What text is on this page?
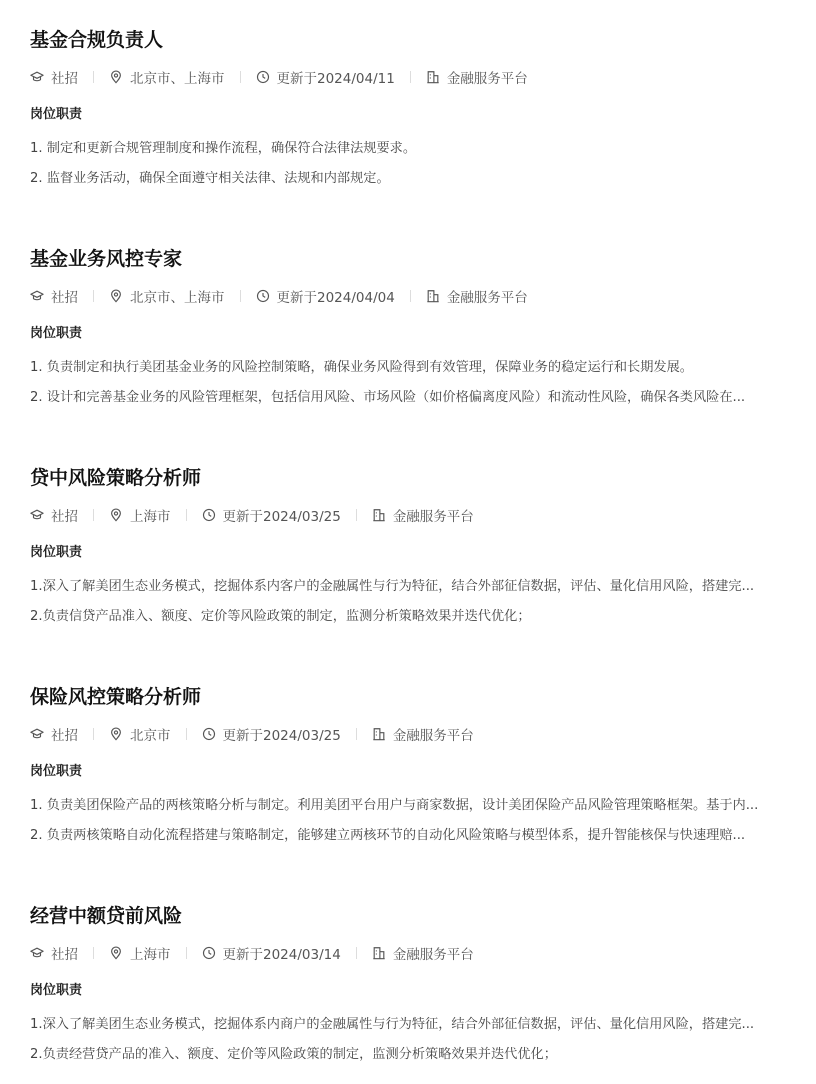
基金合规负责人
社招	北京市、上海市	更新于2024/04/11	金融服务平台
岗位职责
1. 制定和更新合规管理制度和操作流程，确保符合法律法规要求。
2. 监督业务活动，确保全面遵守相关法律、法规和内部规定。
基金业务风控专家
社招	北京市、上海市	更新于2024/04/04	金融服务平台
岗位职责
1. 负责制定和执行美团基金业务的风险控制策略，确保业务风险得到有效管理，保障业务的稳定运行和长期发展。
2. 设计和完善基金业务的风险管理框架，包括信用风险、市场风险（如价格偏离度风险）和流动性风险，确保各类风险在...
贷中风险策略分析师
社招	上海市	更新于2024/03/25	金融服务平台
岗位职责
1.深入了解美团生态业务模式，挖掘体系内客户的金融属性与行为特征，结合外部征信数据，评估、量化信用风险，搭建完...
2.负责信贷产品准入、额度、定价等风险政策的制定，监测分析策略效果并迭代优化；
保险风控策略分析师
社招	北京市	更新于2024/03/25	金融服务平台
岗位职责
1. 负责美团保险产品的两核策略分析与制定。利用美团平台用户与商家数据，设计美团保险产品风险管理策略框架。基于内...
2. 负责两核策略自动化流程搭建与策略制定，能够建立两核环节的自动化风险策略与模型体系，提升智能核保与快速理赔...
经营中额贷前风险
社招	上海市	更新于2024/03/14	金融服务平台
岗位职责
1.深入了解美团生态业务模式，挖掘体系内商户的金融属性与行为特征，结合外部征信数据，评估、量化信用风险，搭建完...
2.负责经营贷产品的准入、额度、定价等风险政策的制定，监测分析策略效果并迭代优化；
